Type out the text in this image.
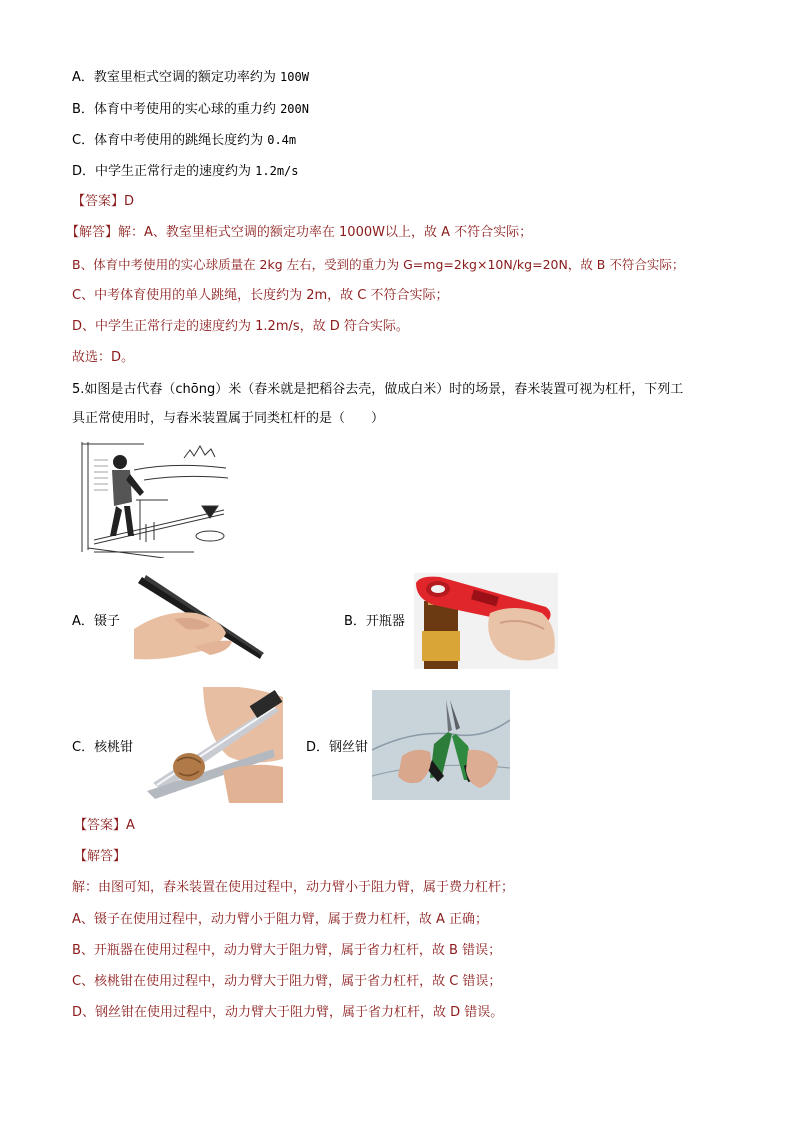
A．教室里柜式空调的额定功率约为 100W
B．体育中考使用的实心球的重力约 200N
C．体育中考使用的跳绳长度约为 0.4m
D．中学生正常行走的速度约为 1.2m/s
【答案】D
【解答】解：A、教室里柜式空调的额定功率在 1000W以上，故 A 不符合实际；
B、体育中考使用的实心球质量在 2kg 左右，受到的重力为 G=mg=2kg×10N/kg=20N，故 B 不符合实际；
C、中考体育使用的单人跳绳，长度约为 2m，故 C 不符合实际；
D、中学生正常行走的速度约为 1.2m/s，故 D 符合实际。
故选：D。
5.如图是古代舂（chōng）米（舂米就是把稻谷去壳，做成白米）时的场景，舂米装置可视为杠杆，下列工
具正常使用时，与舂米装置属于同类杠杆的是（　　）
A．镊子	B．开瓶器
C．核桃钳	D．钢丝钳
【答案】A
【解答】
解：由图可知，舂米装置在使用过程中，动力臂小于阻力臂，属于费力杠杆；
A、镊子在使用过程中，动力臂小于阻力臂，属于费力杠杆，故 A 正确；
B、开瓶器在使用过程中，动力臂大于阻力臂，属于省力杠杆，故 B 错误；
C、核桃钳在使用过程中，动力臂大于阻力臂，属于省力杠杆，故 C 错误；
D、钢丝钳在使用过程中，动力臂大于阻力臂，属于省力杠杆，故 D 错误。
